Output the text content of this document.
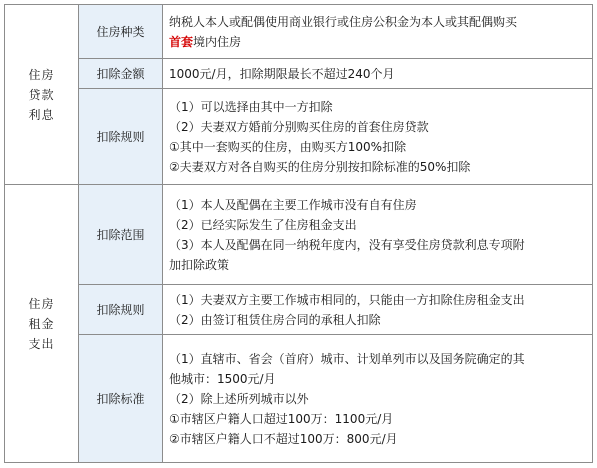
住房
贷款
利息	住房种类	纳税人本人或配偶使用商业银行或住房公积金为本人或其配偶购买
首套境内住房

	扣除金额	1000元/月，扣除期限最长不超过240个月

	扣除规则	（1）可以选择由其中一方扣除
（2）夫妻双方婚前分别购买住房的首套住房贷款
①其中一套购买的住房，由购买方100%扣除
②夫妻双方对各自购买的住房分别按扣除标准的50%扣除

住房
租金
支出	扣除范围	（1）本人及配偶在主要工作城市没有自有住房
（2）已经实际发生了住房租金支出
（3）本人及配偶在同一纳税年度内，没有享受住房贷款利息专项附
加扣除政策

	扣除规则	（1）夫妻双方主要工作城市相同的，只能由一方扣除住房租金支出
（2）由签订租赁住房合同的承租人扣除

	扣除标准	（1）直辖市、省会（首府）城市、计划单列市以及国务院确定的其
他城市：1500元/月
（2）除上述所列城市以外
①市辖区户籍人口超过100万：1100元/月
②市辖区户籍人口不超过100万：800元/月
